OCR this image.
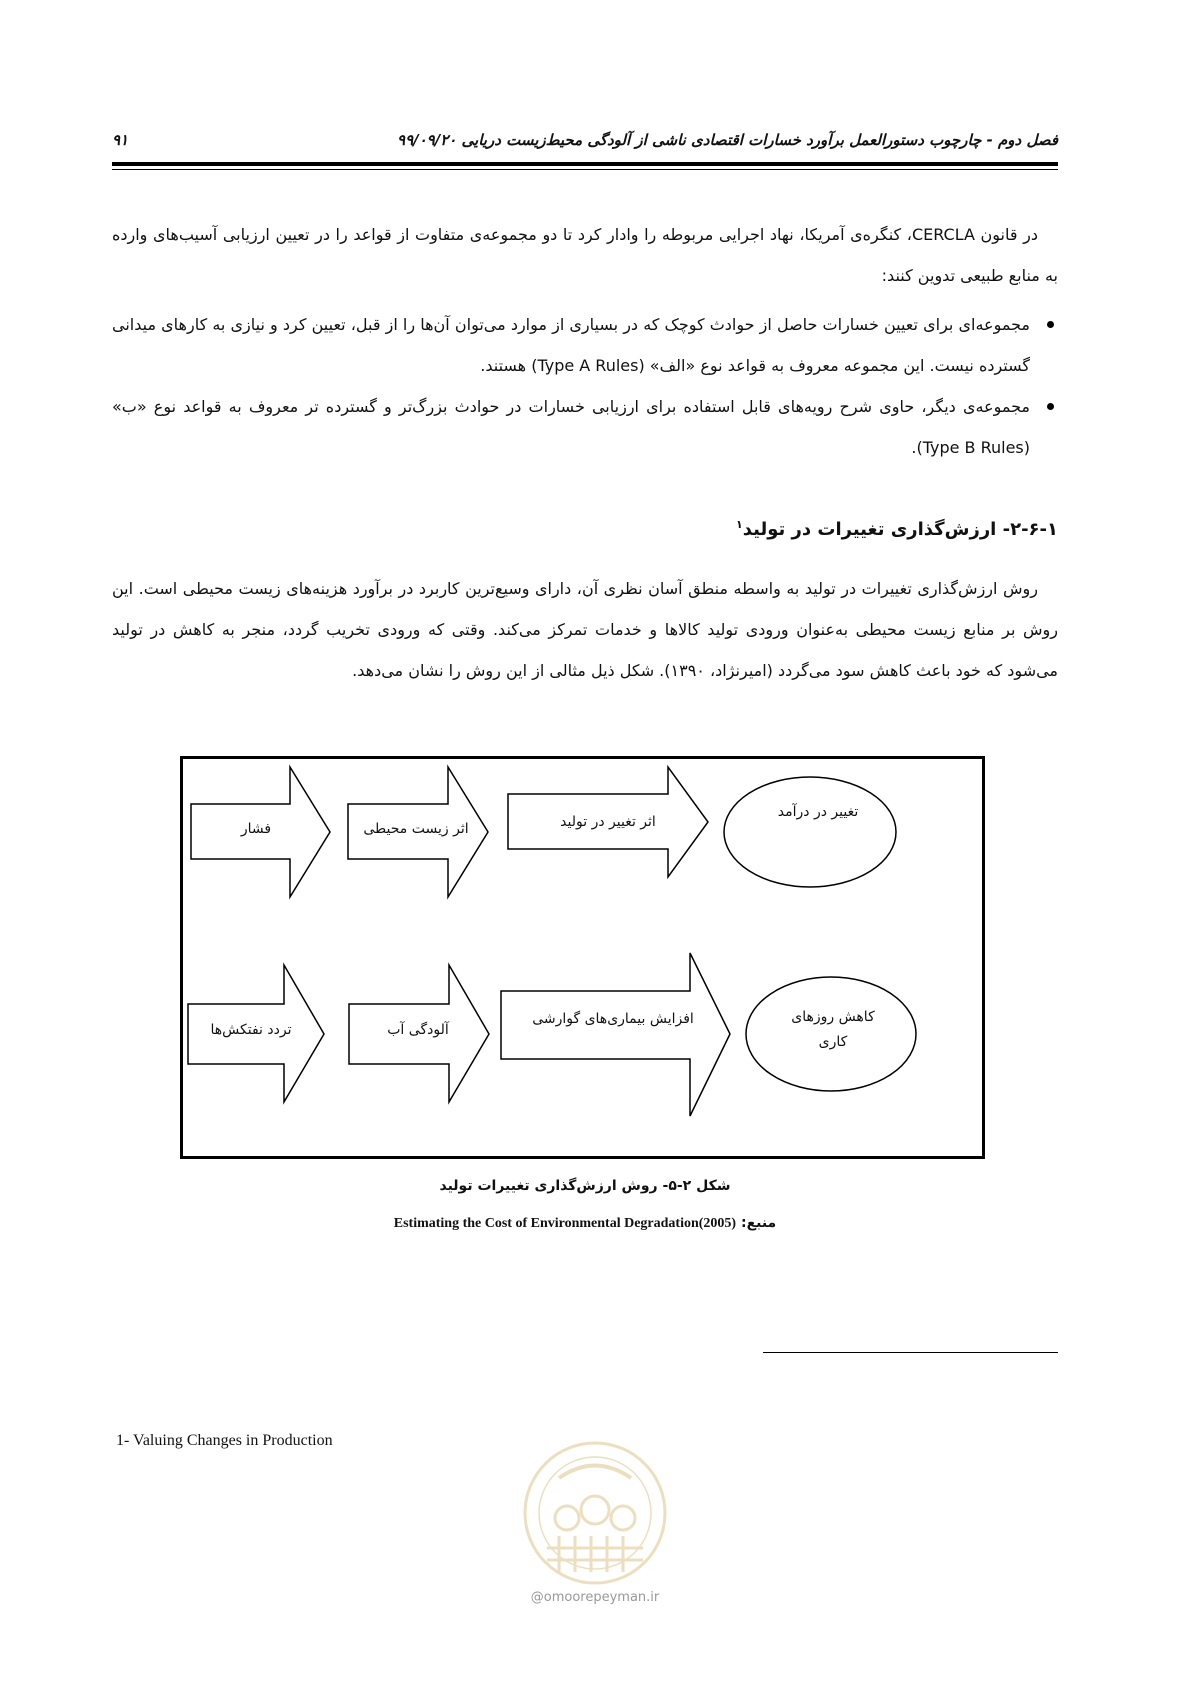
۹۱	فصل دوم - چارچوب دستورالعمل برآورد خسارات اقتصادی ناشی از آلودگی محیط‌زیست دریایی ۹۹/۰۹/۲۰

در قانون CERCLA، کنگره‌ی آمریکا، نهاد اجرایی مربوطه را وادار کرد تا دو مجموعه‌ی متفاوت از قواعد را در تعیین ارزیابی آسیب‌های وارده به منابع طبیعی تدوین کنند:

مجموعه‌ای برای تعیین خسارات حاصل از حوادث کوچک که در بسیاری از موارد می‌توان آن‌ها را از قبل، تعیین کرد و نیازی به کارهای میدانی گسترده نیست. این مجموعه معروف به قواعد نوع «الف» (Type A Rules) هستند.
مجموعه‌ی دیگر، حاوی شرح رویه‌های قابل استفاده برای ارزیابی خسارات در حوادث بزرگ‌تر و گسترده تر معروف به قواعد نوع «ب» (Type B Rules).
۲-۶-۱- ارزش‌گذاری تغییرات در تولید$^۱$

روش ارزش‌گذاری تغییرات در تولید به واسطه منطق آسان نظری آن، دارای وسیع‌ترین کاربرد در برآورد هزینه‌های زیست محیطی است. این روش بر منابع زیست محیطی به‌عنوان ورودی تولید کالاها و خدمات تمرکز می‌کند. وقتی که ورودی تخریب گردد، منجر به کاهش در تولید می‌شود که خود باعث کاهش سود می‌گردد (امیرنژاد، ۱۳۹۰). شکل ذیل مثالی از این روش را نشان می‌دهد.

فشار	اثر زیست محیطی	اثر تغییر در تولید
تغییر در درآمد
تردد نفتکش‌ها	آلودگی آب
افزایش بیماری‌های گوارشی	کاهش روزهای
کاری
شکل ۲-۵- روش ارزش‌گذاری تغییرات تولید
منبع: Estimating the Cost of Environmental Degradation(2005)
1- Valuing Changes in Production
@omoorepeyman.ir
